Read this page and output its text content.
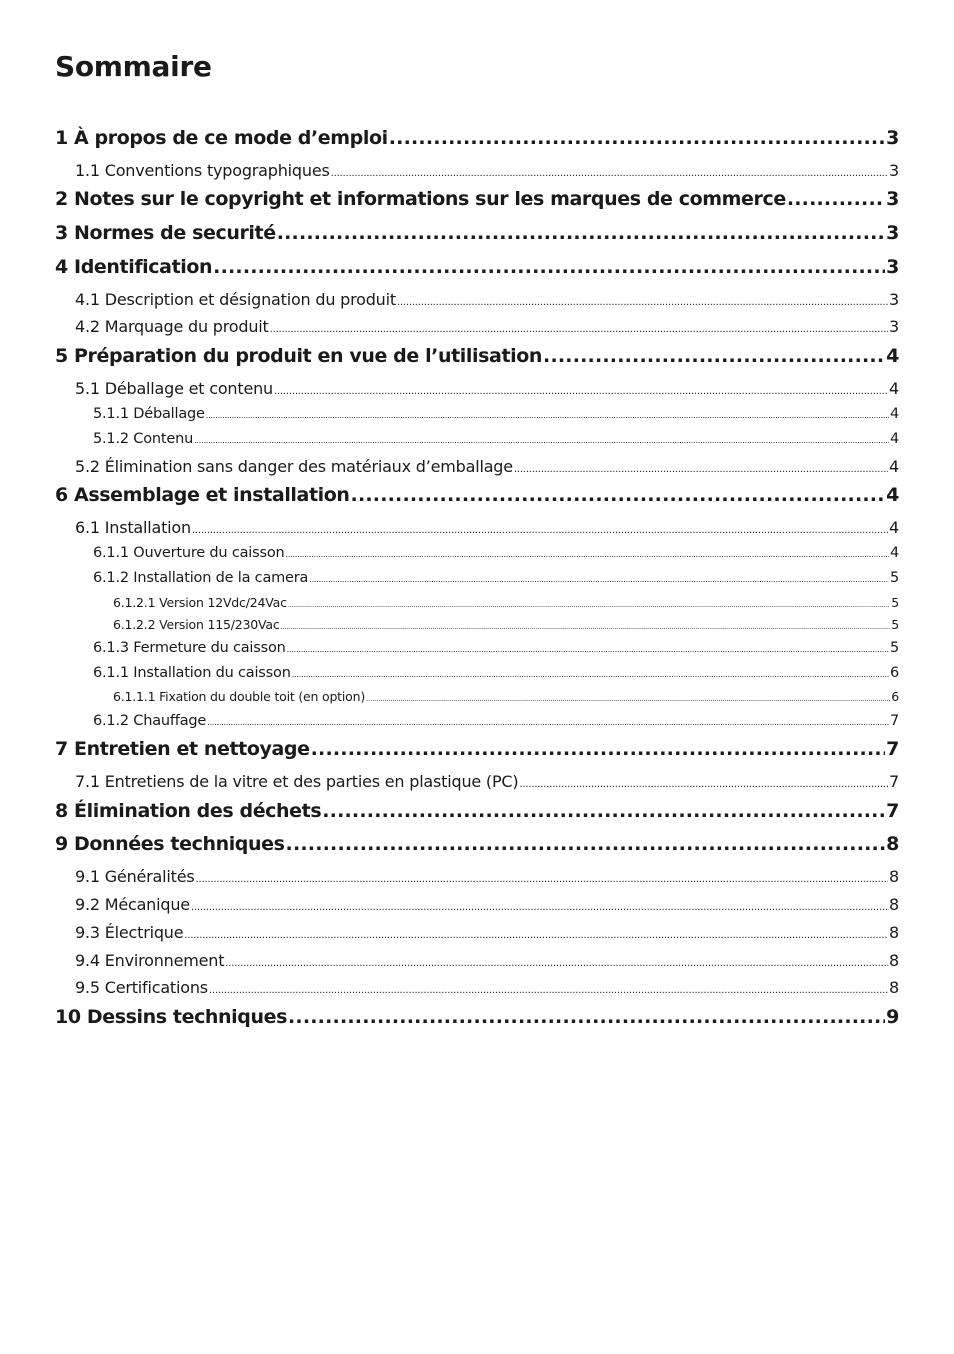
Sommaire
1 À propos de ce mode d’emploi .....	3
1.1 Conventions typographiques .....	3
2 Notes sur le copyright et informations sur les marques de commerce .....	3
3 Normes de securité .....	3
4 Identification .....	3
4.1 Description et désignation du produit .....	3
4.2 Marquage du produit .....	3
5 Préparation du produit en vue de l’utilisation .....	4
5.1 Déballage et contenu .....	4
5.1.1 Déballage .....	4
5.1.2 Contenu .....	4
5.2 Élimination sans danger des matériaux d’emballage .....	4
6 Assemblage et installation .....	4
6.1 Installation .....	4
6.1.1 Ouverture du caisson .....	4
6.1.2 Installation de la camera .....	5
6.1.2.1 Version 12Vdc/24Vac .....	5
6.1.2.2 Version 115/230Vac .....	5
6.1.3 Fermeture du caisson .....	5
6.1.1 Installation du caisson .....	6
6.1.1.1 Fixation du double toit (en option) .....	6
6.1.2 Chauffage .....	7
7 Entretien et nettoyage .....	7
7.1 Entretiens de la vitre et des parties en plastique (PC) .....	7
8 Élimination des déchets .....	7
9 Données techniques .....	8
9.1 Généralités .....	8
9.2 Mécanique .....	8
9.3 Électrique .....	8
9.4 Environnement .....	8
9.5 Certifications .....	8
10 Dessins techniques .....	9
